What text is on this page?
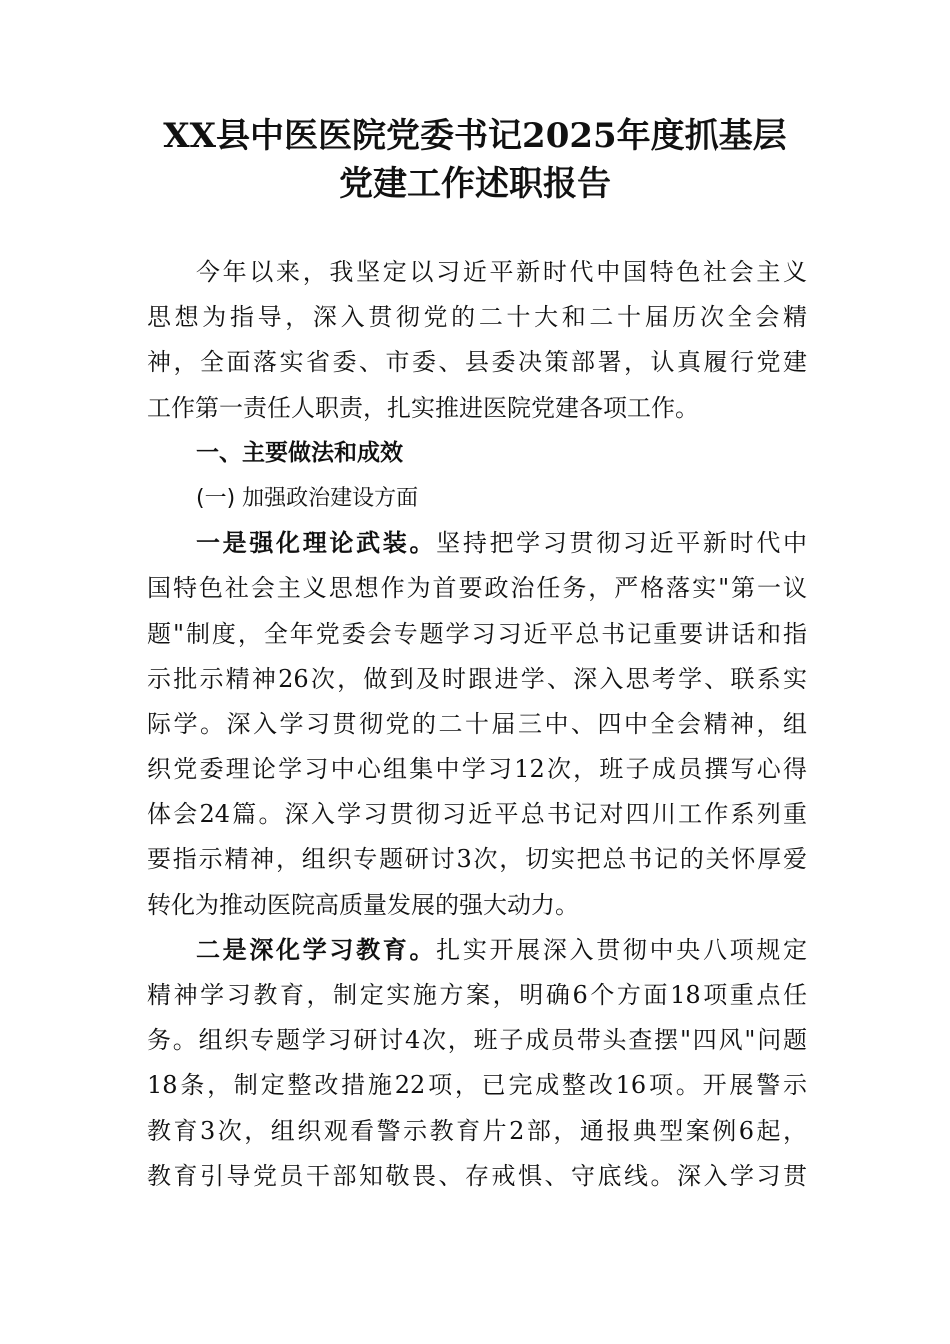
XX县中医医院党委书记2025年度抓基层
党建工作述职报告
今年以来，我坚定以习近平新时代中国特色社会主义
思想为指导，深入贯彻党的二十大和二十届历次全会精
神，全面落实省委、市委、县委决策部署，认真履行党建
工作第一责任人职责，扎实推进医院党建各项工作。
一、主要做法和成效
(一) 加强政治建设方面
一是强化理论武装。坚持把学习贯彻习近平新时代中
国特色社会主义思想作为首要政治任务，严格落实"第一议
题"制度，全年党委会专题学习习近平总书记重要讲话和指
示批示精神26次，做到及时跟进学、深入思考学、联系实
际学。深入学习贯彻党的二十届三中、四中全会精神，组
织党委理论学习中心组集中学习12次，班子成员撰写心得
体会24篇。深入学习贯彻习近平总书记对四川工作系列重
要指示精神，组织专题研讨3次，切实把总书记的关怀厚爱
转化为推动医院高质量发展的强大动力。
二是深化学习教育。扎实开展深入贯彻中央八项规定
精神学习教育，制定实施方案，明确6个方面18项重点任
务。组织专题学习研讨4次，班子成员带头查摆"四风"问题
18条，制定整改措施22项，已完成整改16项。开展警示
教育3次，组织观看警示教育片2部，通报典型案例6起，
教育引导党员干部知敬畏、存戒惧、守底线。深入学习贯
